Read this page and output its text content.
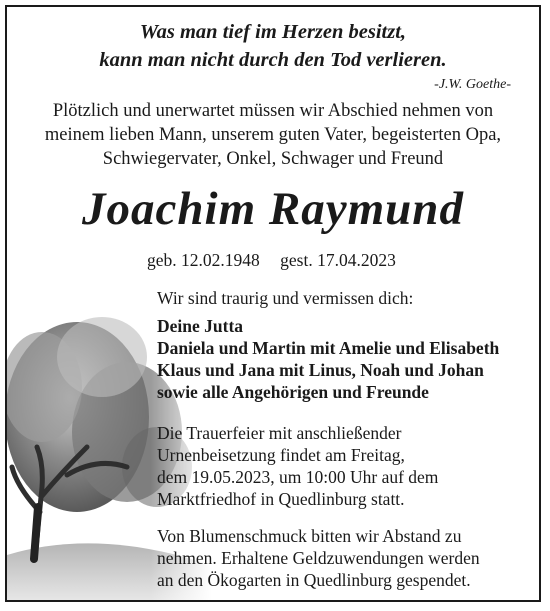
Was man tief im Herzen besitzt,
kann man nicht durch den Tod verlieren.
-J.W. Goethe-
Plötzlich und unerwartet müssen wir Abschied nehmen von
meinem lieben Mann, unserem guten Vater, begeisterten Opa,
Schwiegervater, Onkel, Schwager und Freund
Joachim Raymund
geb. 12.02.1948 gest. 17.04.2023
Wir sind traurig und vermissen dich:
Deine Jutta
Daniela und Martin mit Amelie und Elisabeth
Klaus und Jana mit Linus, Noah und Johan
sowie alle Angehörigen und Freunde
Die Trauerfeier mit anschließender
Urnenbeisetzung findet am Freitag,
dem 19.05.2023, um 10:00 Uhr auf dem
Marktfriedhof in Quedlinburg statt.
Von Blumenschmuck bitten wir Abstand zu
nehmen. Erhaltene Geldzuwendungen werden
an den Ökogarten in Quedlinburg gespendet.
